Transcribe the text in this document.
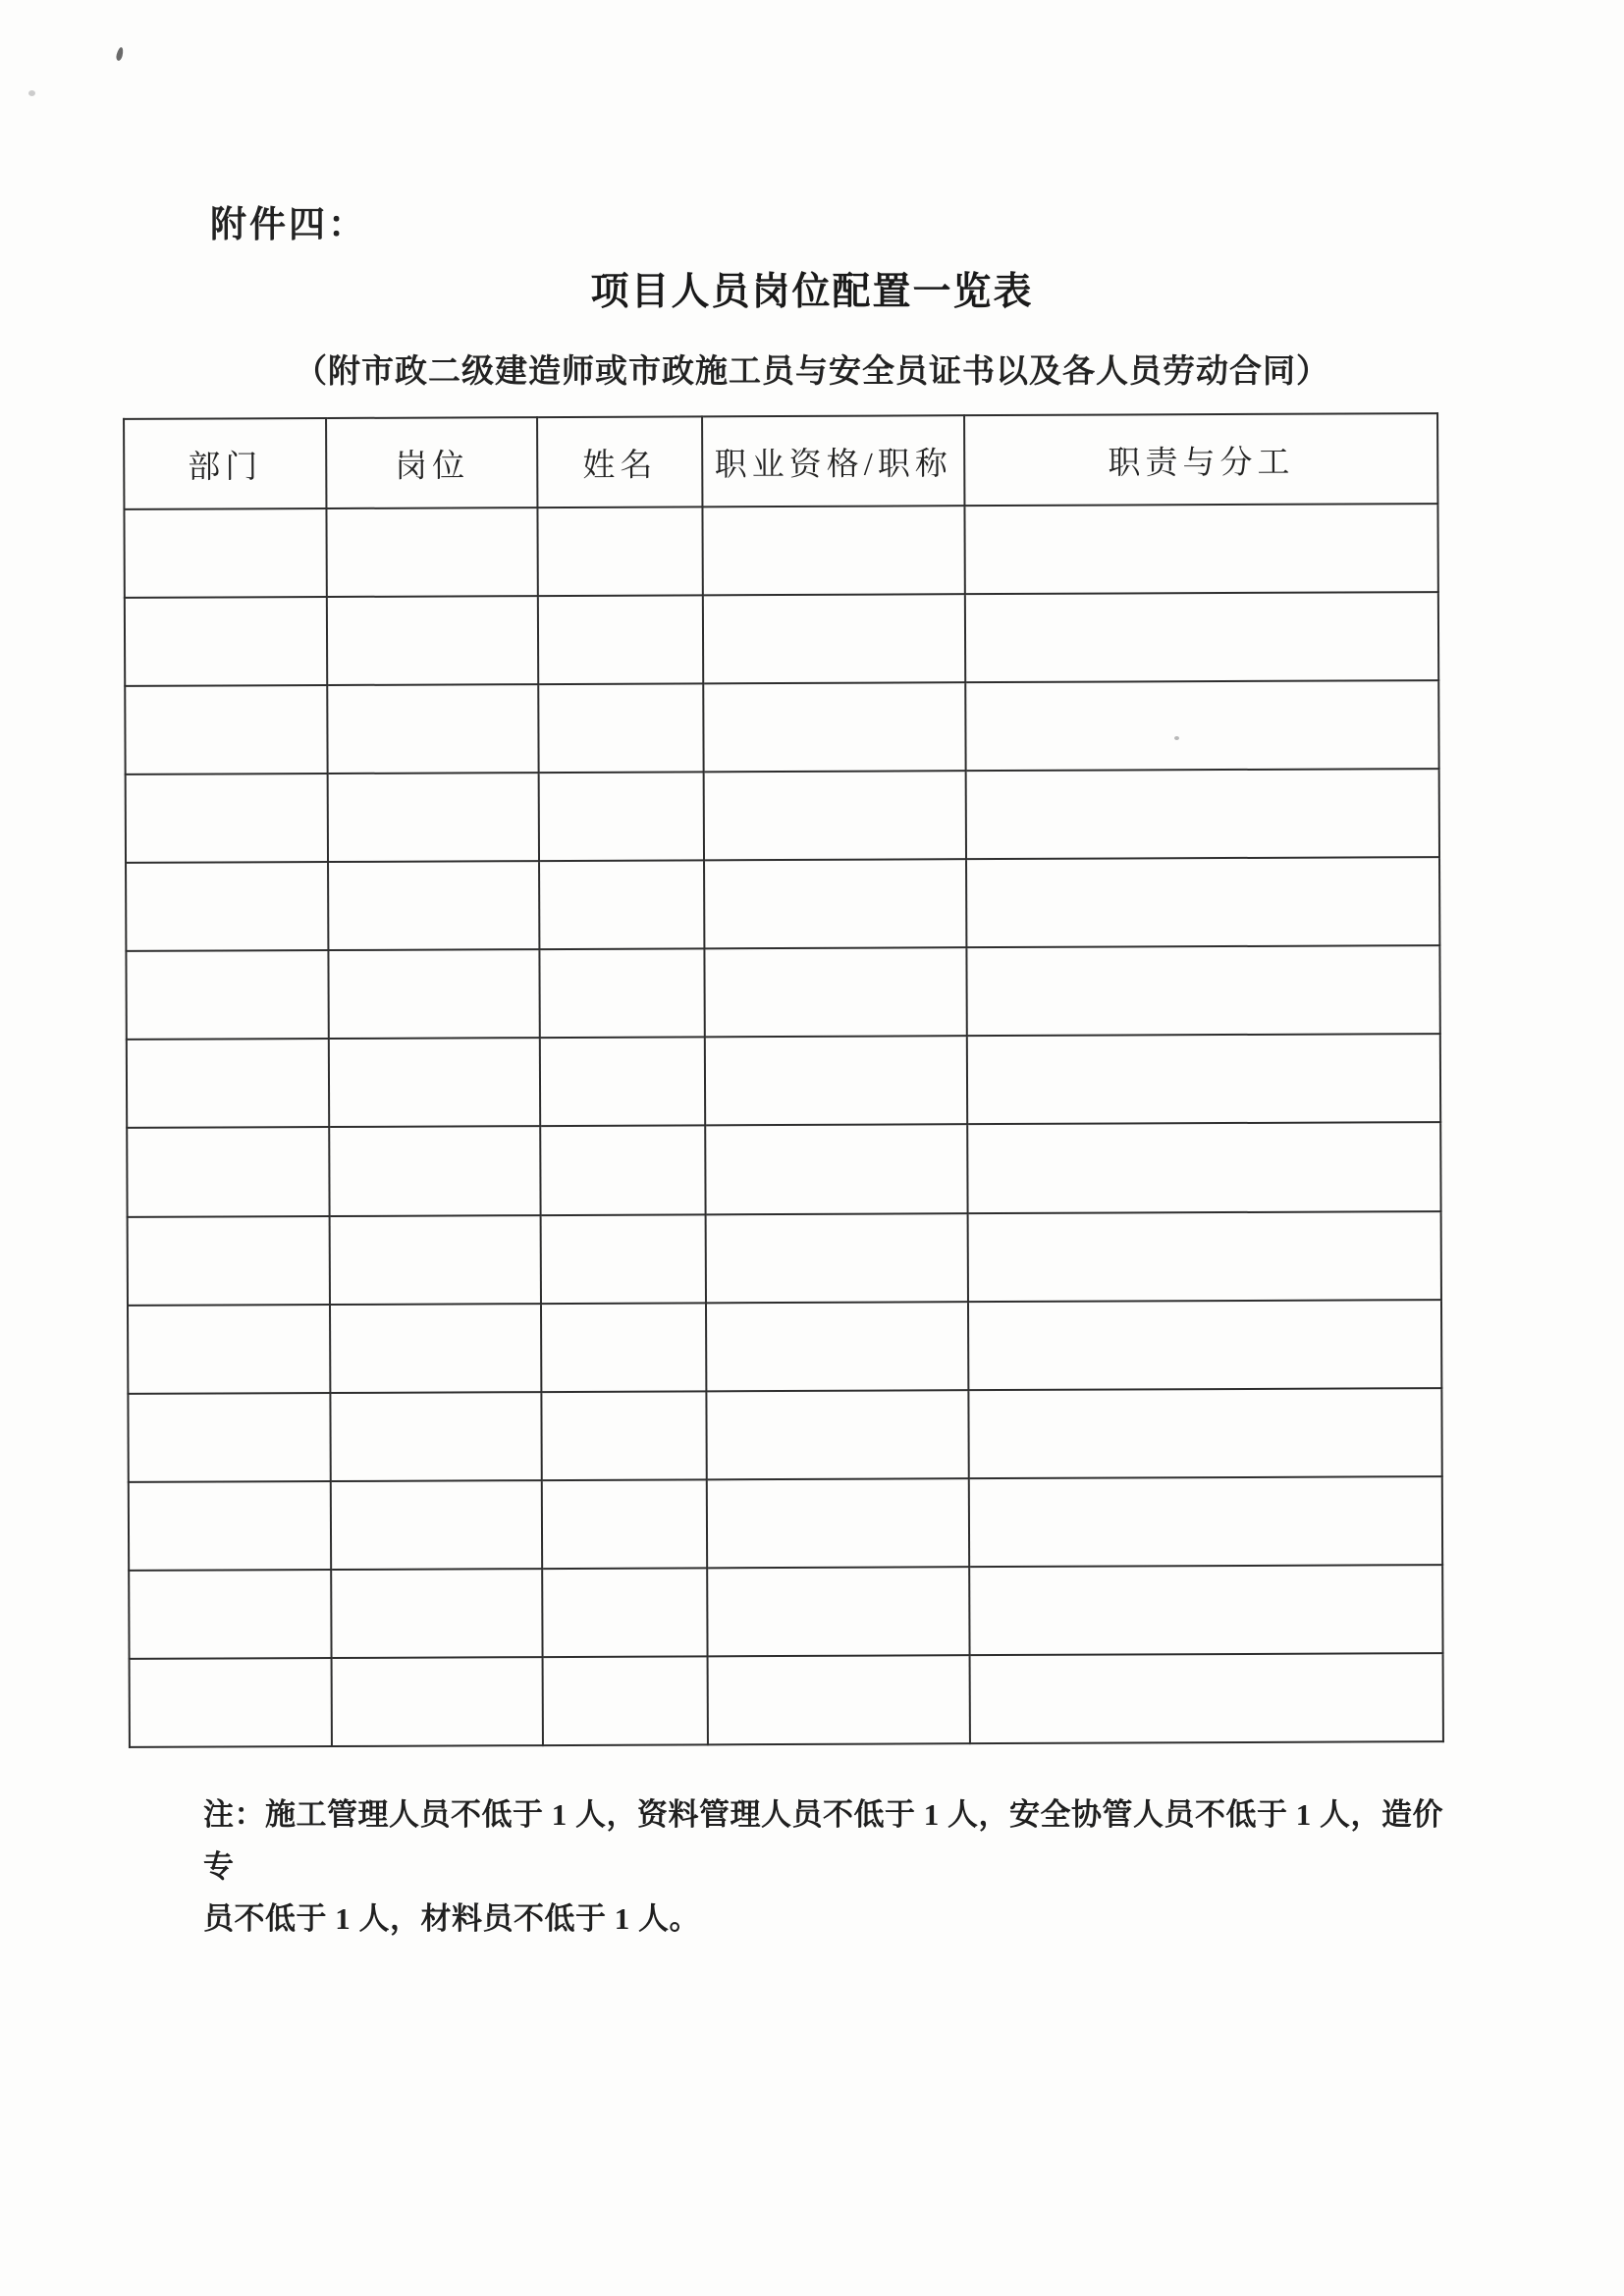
附件四：
项目人员岗位配置一览表
（附市政二级建造师或市政施工员与安全员证书以及各人员劳动合同）
部门	岗位	姓名	职业资格/职称	职责与分工

注：施工管理人员不低于 1 人，资料管理人员不低于 1 人，安全协管人员不低于 1 人，造价专
员不低于 1 人，材料员不低于 1 人。
